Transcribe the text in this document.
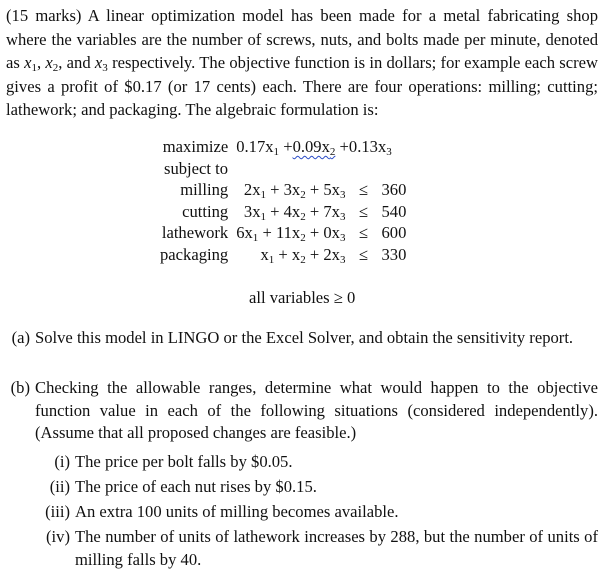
(15 marks) A linear optimization model has been made for a metal fabricating shop where the variables are the number of screws, nuts, and bolts made per minute, denoted as $x_1$, $x_2$, and $x_3$ respectively. The objective function is in dollars; for example each screw gives a profit of $0.17 (or 17 cents) each. There are four operations: milling; cutting; lathework; and packaging. The algebraic formulation is:

maximize	$0.17x_1 +0.09x_2 +0.13x_3$
subject to			
milling	$2x_1 + 3x_2 + 5x_3$	≤	360
cutting	$3x_1 + 4x_2 + 7x_3$	≤	540
lathework	$6x_1 + 11x_2 + 0x_3$	≤	600
packaging	$x_1 + x_2 + 2x_3$	≤	330
all variables ≥ 0
(a) Solve this model in LINGO or the Excel Solver, and obtain the sensitivity report.
(b) Checking the allowable ranges, determine what would happen to the objective function value in each of the following situations (considered independently). (Assume that all proposed changes are feasible.)
(i) The price per bolt falls by $0.05.
(ii) The price of each nut rises by $0.15.
(iii) An extra 100 units of milling becomes available.
(iv) The number of units of lathework increases by 288, but the number of units of milling falls by 40.
